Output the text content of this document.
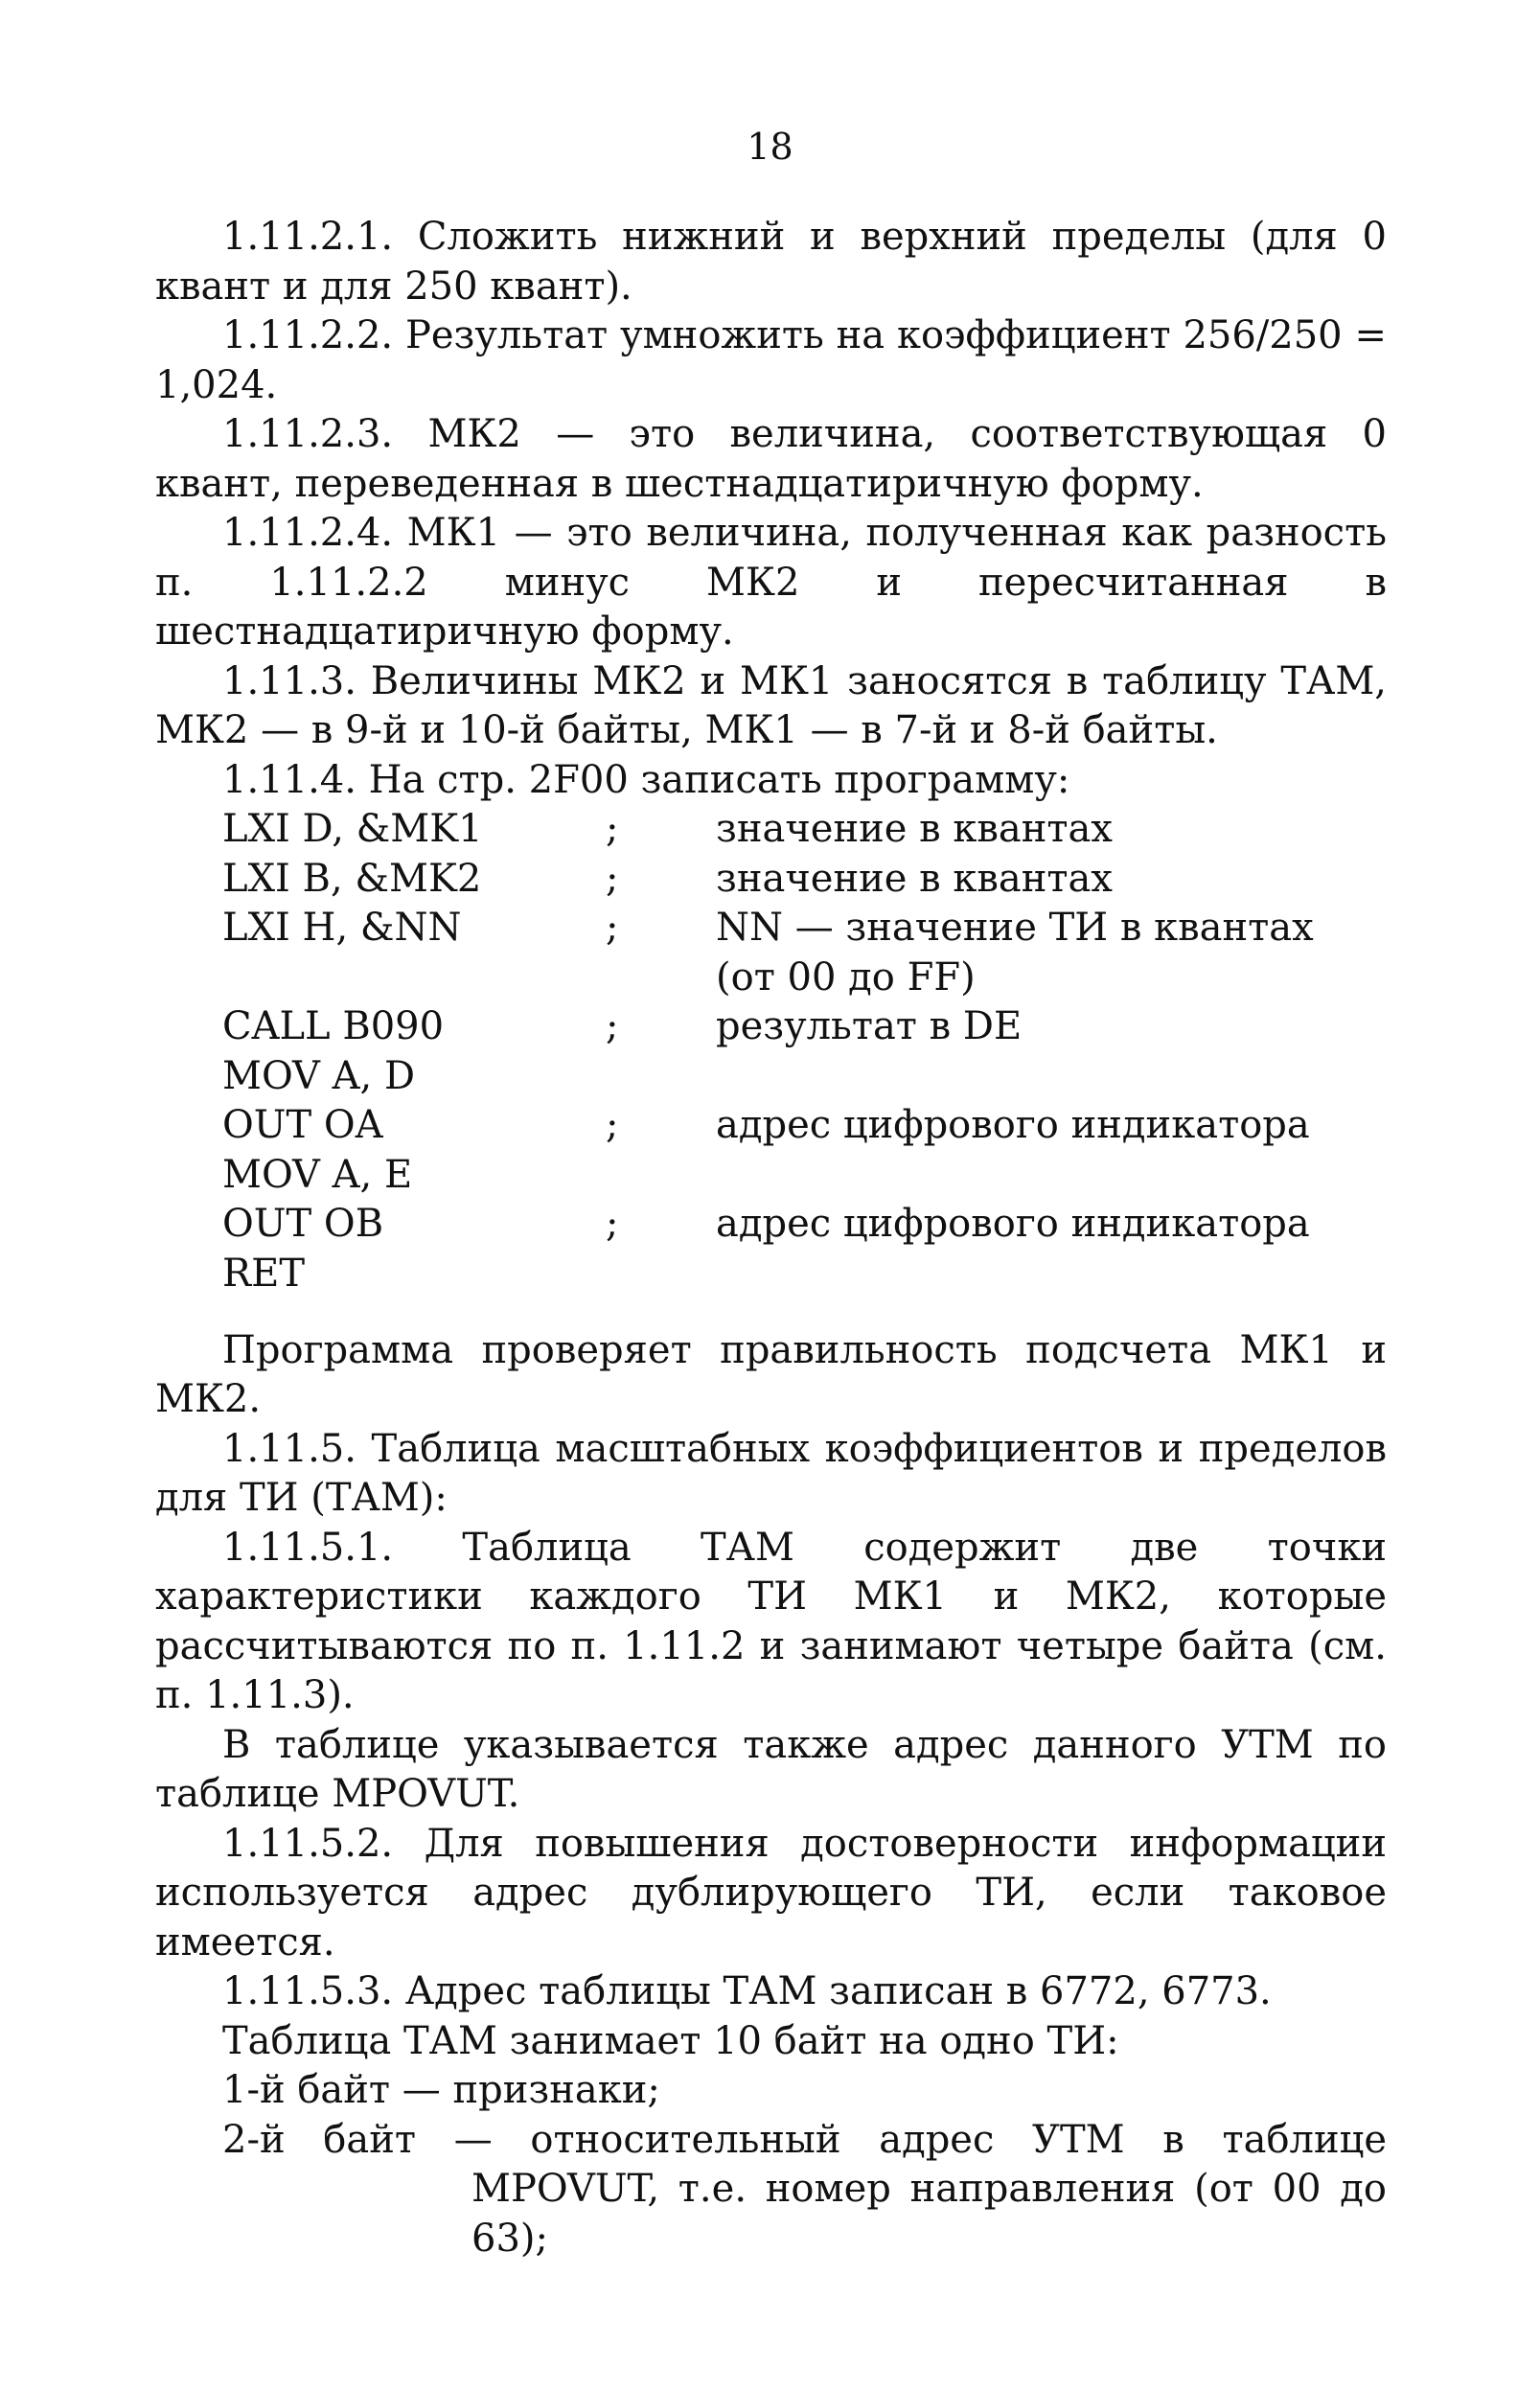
18
1.11.2.1. Сложить нижний и верхний пределы (для 0 квант и для 250 квант).
1.11.2.2. Результат умножить на коэффициент 256/250 = 1,024.
1.11.2.3. МК2 — это величина, соответствующая 0 квант, переведенная в шестнадцатиричную форму.
1.11.2.4. МК1 — это величина, полученная как разность п. 1.11.2.2 минус МК2 и пересчитанная в шестнадцатиричную форму.
1.11.3. Величины МК2 и МК1 заносятся в таблицу ТАМ, МК2 — в 9-й и 10-й байты, МК1 — в 7-й и 8-й байты.
1.11.4. На стр. 2F00 записать программу:
LXI D, &MK1	;	значение в квантах
LXI B, &MK2	;	значение в квантах
LXI H, &NN	;	NN — значение ТИ в квантах
(от 00 до FF)
CALL B090	;	результат в DE
MOV A, D
OUT OA	;	адрес цифрового индикатора
MOV A, E
OUT OB	;	адрес цифрового индикатора
RET
Программа проверяет правильность подсчета МК1 и МК2.
1.11.5. Таблица масштабных коэффициентов и пределов для ТИ (ТАМ):
1.11.5.1. Таблица ТАМ содержит две точки характеристики каждого ТИ МК1 и МК2, которые рассчитываются по п. 1.11.2 и занимают четыре байта (см. п. 1.11.3).
В таблице указывается также адрес данного УТМ по таблице MPOVUT.
1.11.5.2. Для повышения достоверности информации используется адрес дублирующего ТИ, если таковое имеется.
1.11.5.3. Адрес таблицы ТАМ записан в 6772, 6773.
Таблица ТАМ занимает 10 байт на одно ТИ:
1-й байт — признаки;
2-й байт — относительный адрес УТМ в таблице MPOVUT, т.е. номер направления (от 00 до 63);
